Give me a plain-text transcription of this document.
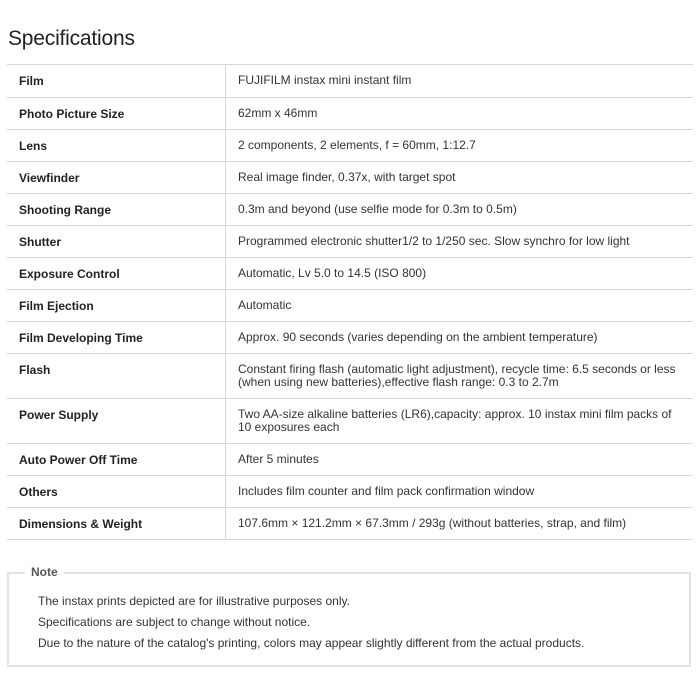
Specifications
Film	FUJIFILM instax mini instant film
Photo Picture Size	62mm x 46mm
Lens	2 components, 2 elements, f = 60mm, 1:12.7
Viewfinder	Real image finder, 0.37x, with target spot
Shooting Range	0.3m and beyond (use selfie mode for 0.3m to 0.5m)
Shutter	Programmed electronic shutter1/2 to 1/250 sec. Slow synchro for low light
Exposure Control	Automatic, Lv 5.0 to 14.5 (ISO 800)
Film Ejection	Automatic
Film Developing Time	Approx. 90 seconds (varies depending on the ambient temperature)
Flash	Constant firing flash (automatic light adjustment), recycle time: 6.5 seconds or less (when using new batteries),effective flash range: 0.3 to 2.7m
Power Supply	Two AA-size alkaline batteries (LR6),capacity: approx. 10 instax mini film packs of 10 exposures each
Auto Power Off Time	After 5 minutes
Others	Includes film counter and film pack confirmation window
Dimensions & Weight	107.6mm × 121.2mm × 67.3mm / 293g (without batteries, strap, and film)
Note
The instax prints depicted are for illustrative purposes only.
Specifications are subject to change without notice.
Due to the nature of the catalog's printing, colors may appear slightly different from the actual products.
